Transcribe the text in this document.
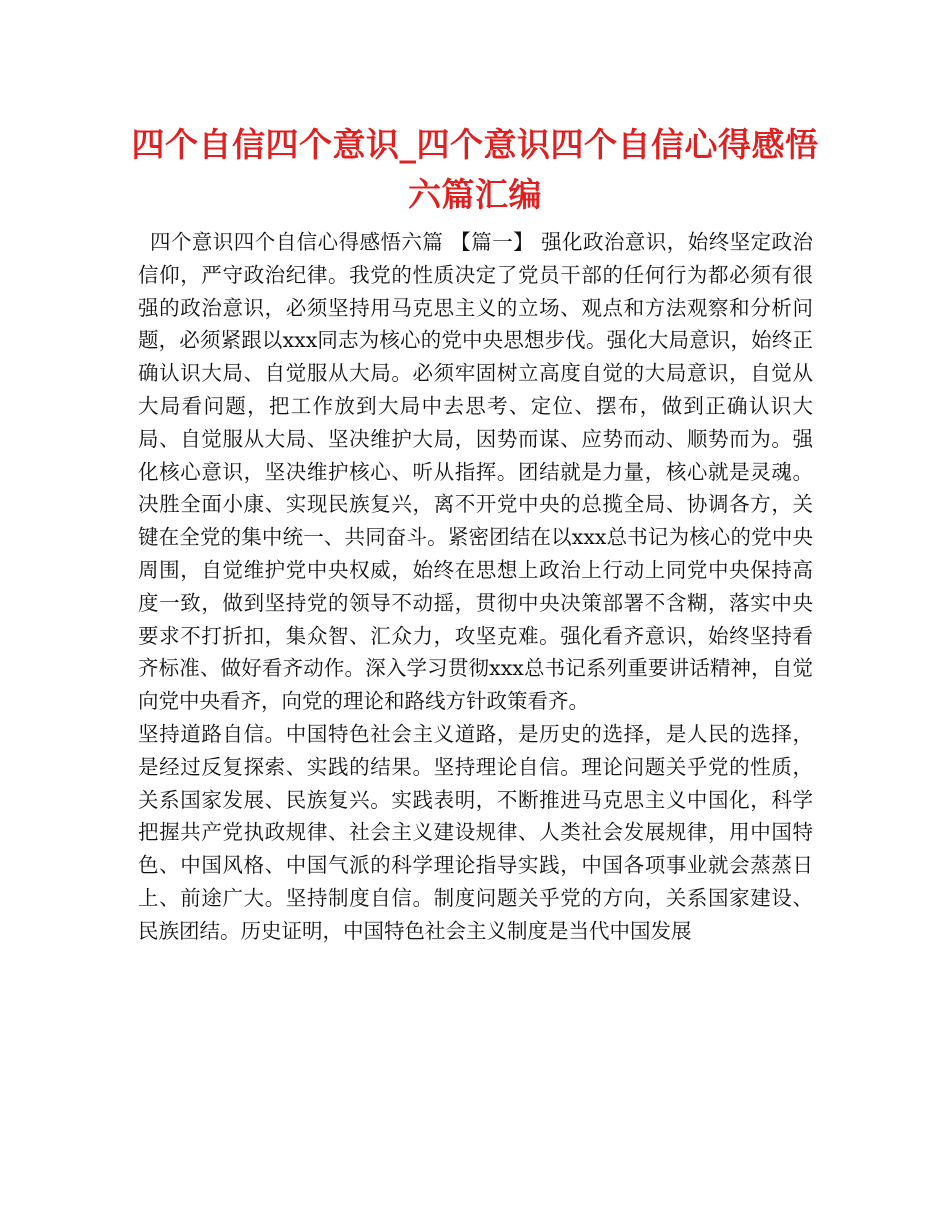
四个自信四个意识_四个意识四个自信心得感悟六篇汇编

四个意识四个自信心得感悟六篇 【篇一】 强化政治意识，始终坚定政治信仰，严守政治纪律。我党的性质决定了党员干部的任何行为都必须有很强的政治意识，必须坚持用马克思主义的立场、观点和方法观察和分析问题，必须紧跟以xxx同志为核心的党中央思想步伐。强化大局意识，始终正确认识大局、自觉服从大局。必须牢固树立高度自觉的大局意识，自觉从大局看问题，把工作放到大局中去思考、定位、摆布，做到正确认识大局、自觉服从大局、坚决维护大局，因势而谋、应势而动、顺势而为。强化核心意识，坚决维护核心、听从指挥。团结就是力量，核心就是灵魂。决胜全面小康、实现民族复兴，离不开党中央的总揽全局、协调各方，关键在全党的集中统一、共同奋斗。紧密团结在以xxx总书记为核心的党中央周围，自觉维护党中央权威，始终在思想上政治上行动上同党中央保持高度一致，做到坚持党的领导不动摇，贯彻中央决策部署不含糊，落实中央要求不打折扣，集众智、汇众力，攻坚克难。强化看齐意识，始终坚持看齐标准、做好看齐动作。深入学习贯彻xxx总书记系列重要讲话精神，自觉向党中央看齐，向党的理论和路线方针政策看齐。

坚持道路自信。中国特色社会主义道路，是历史的选择，是人民的选择，是经过反复探索、实践的结果。坚持理论自信。理论问题关乎党的性质，关系国家发展、民族复兴。实践表明，不断推进马克思主义中国化，科学把握共产党执政规律、社会主义建设规律、人类社会发展规律，用中国特色、中国风格、中国气派的科学理论指导实践，中国各项事业就会蒸蒸日上、前途广大。坚持制度自信。制度问题关乎党的方向，关系国家建设、民族团结。历史证明，中国特色社会主义制度是当代中国发展
